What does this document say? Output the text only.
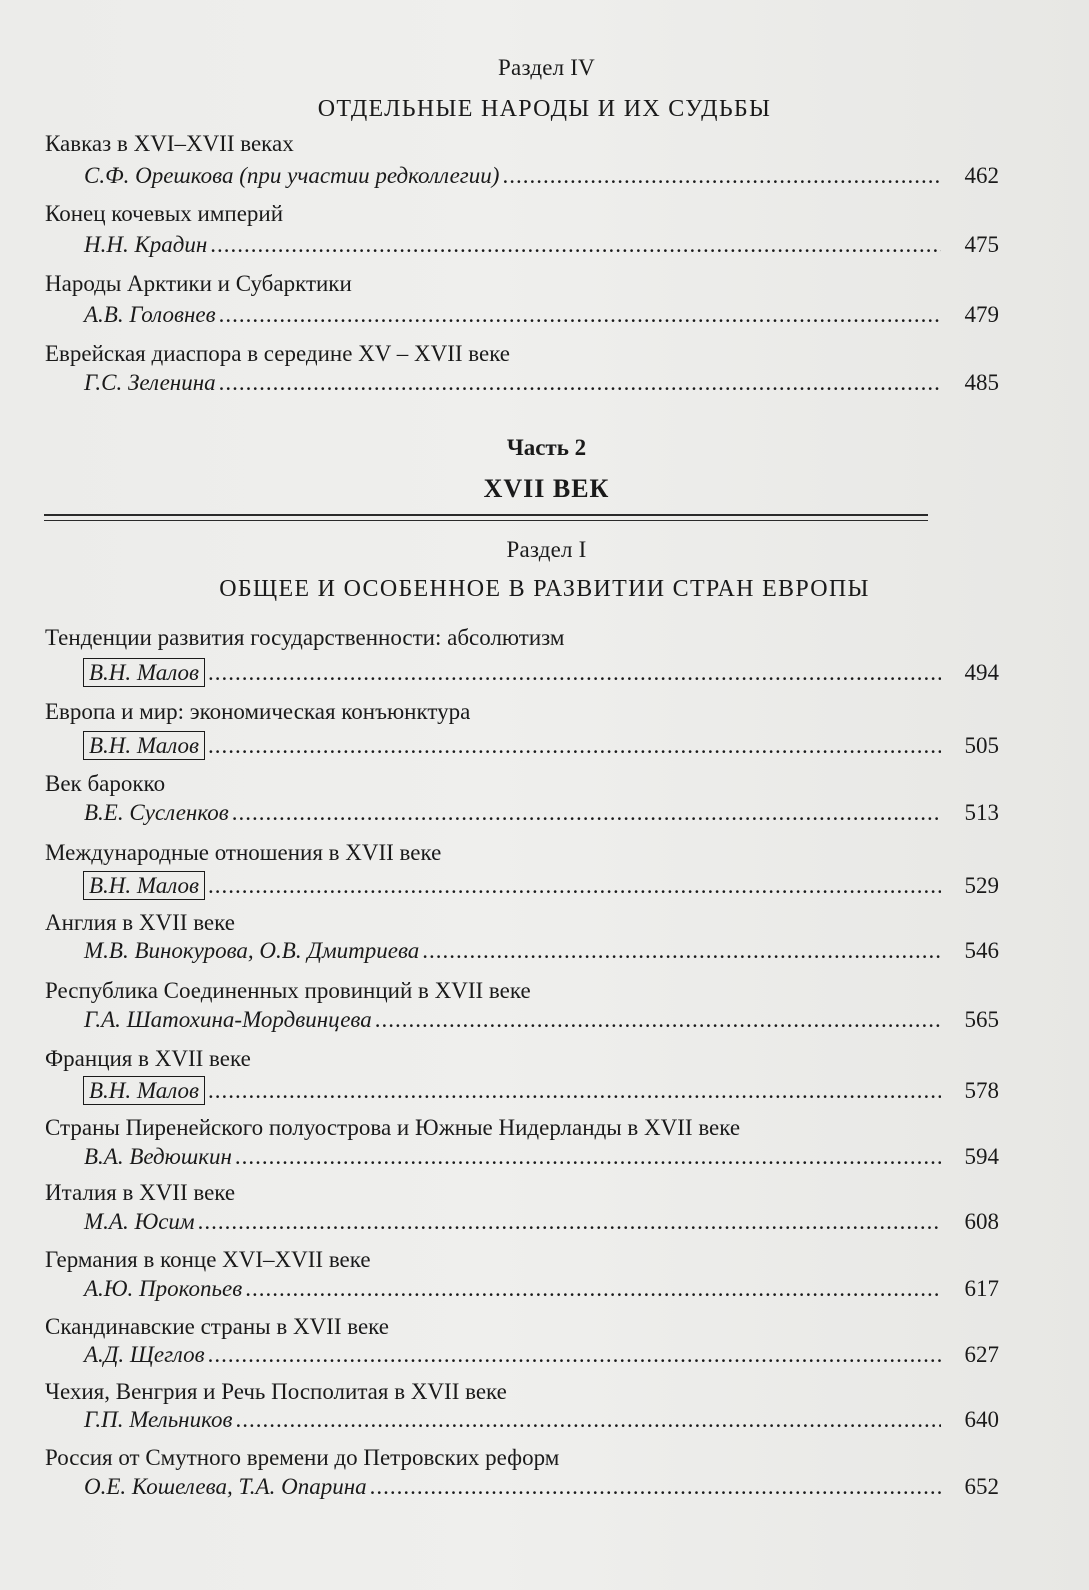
Раздел IV
ОТДЕЛЬНЫЕ НАРОДЫ И ИХ СУДЬБЫ
Кавказ в XVI–XVII веках
С.Ф. Орешкова (при участии редколлегии) .....	462
Конец кочевых империй
Н.Н. Крадин .....	475
Народы Арктики и Субарктики
А.В. Головнев .....	479
Еврейская диаспора в середине XV – XVII веке
Г.С. Зеленина .....	485
Часть 2
XVII ВЕК
Раздел I
ОБЩЕЕ И ОСОБЕННОЕ В РАЗВИТИИ СТРАН ЕВРОПЫ
Тенденции развития государственности: абсолютизм
В.Н. Малов .....	494
Европа и мир: экономическая конъюнктура
В.Н. Малов .....	505
Век барокко
В.Е. Сусленков .....	513
Международные отношения в XVII веке
В.Н. Малов .....	529
Англия в XVII веке
М.В. Винокурова, О.В. Дмитриева .....	546
Республика Соединенных провинций в XVII веке
Г.А. Шатохина-Мордвинцева .....	565
Франция в XVII веке
В.Н. Малов .....	578
Страны Пиренейского полуострова и Южные Нидерланды в XVII веке
В.А. Ведюшкин .....	594
Италия в XVII веке
М.А. Юсим .....	608
Германия в конце XVI–XVII веке
А.Ю. Прокопьев .....	617
Скандинавские страны в XVII веке
А.Д. Щеглов .....	627
Чехия, Венгрия и Речь Посполитая в XVII веке
Г.П. Мельников .....	640
Россия от Смутного времени до Петровских реформ
О.Е. Кошелева, Т.А. Опарина .....	652
